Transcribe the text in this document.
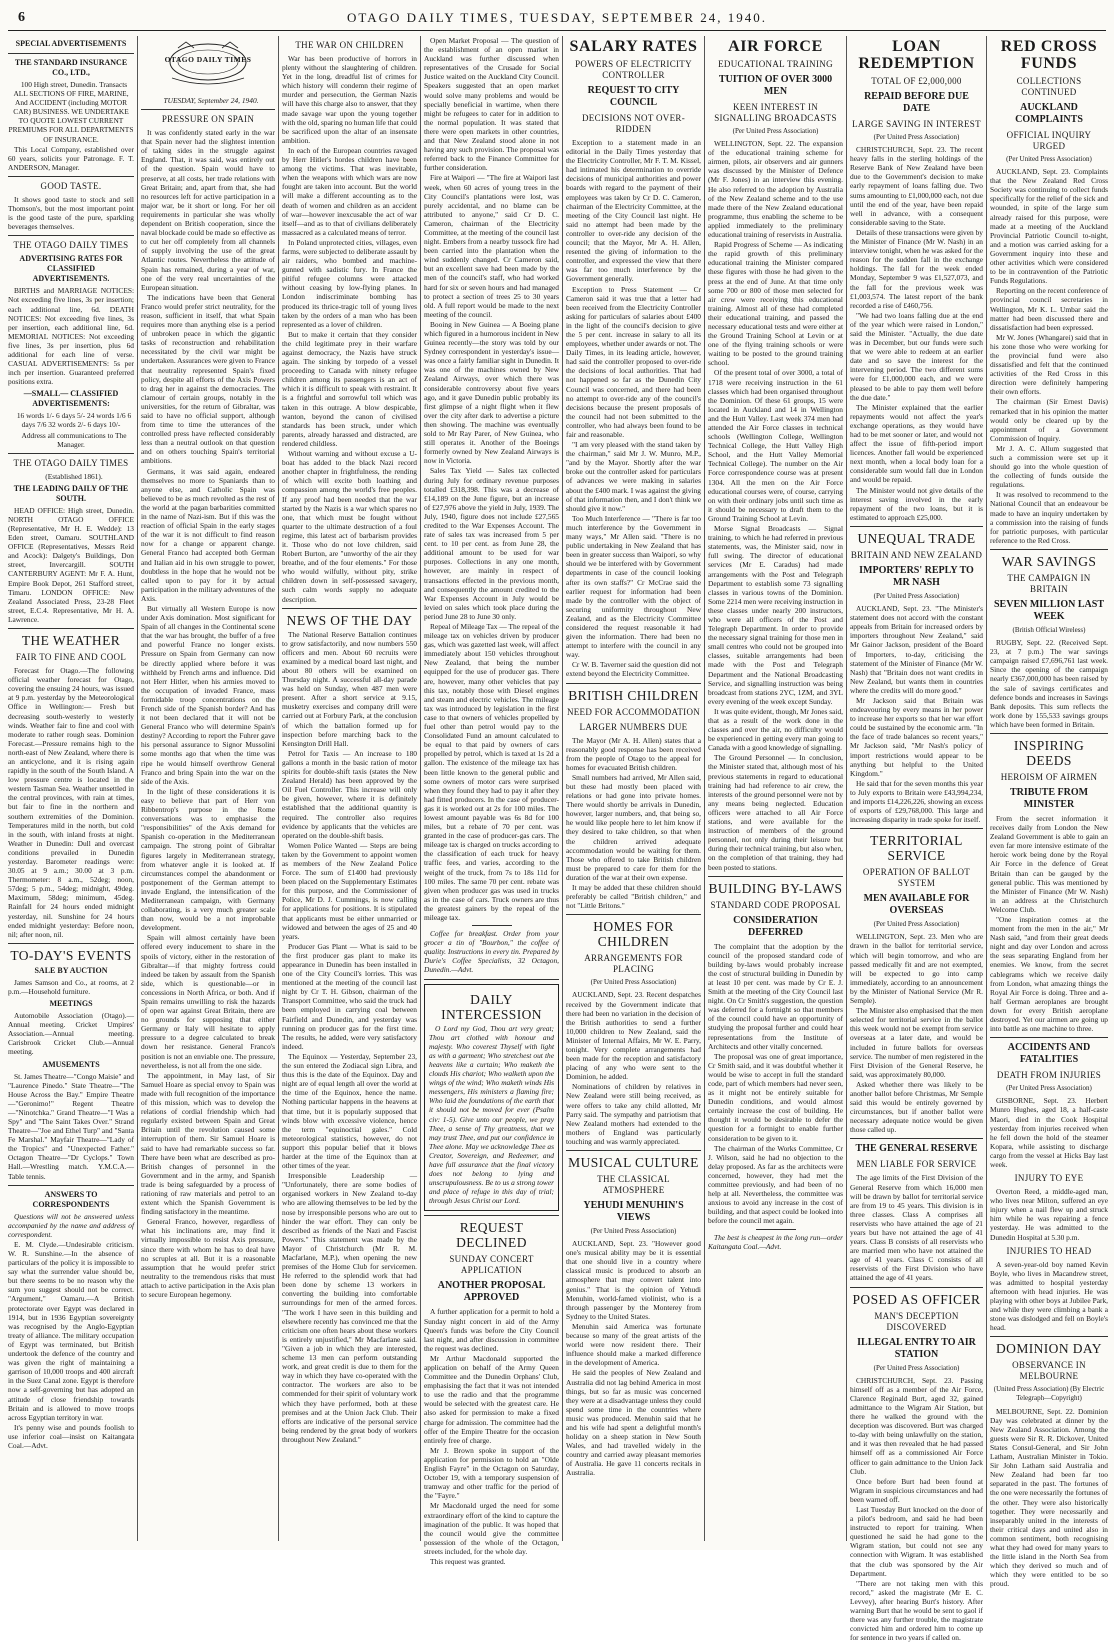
6	OTAGO DAILY TIMES, TUESDAY, SEPTEMBER 24, 1940.
SPECIAL ADVERTISEMENTS
THE STANDARD INSURANCE CO., LTD.,

100 High street, Dunedin. Transacts ALL SECTIONS OF FIRE, MARINE, And ACCIDENT (including MOTOR CAR) BUSINESS. WE UNDERTAKE TO QUOTE LOWEST CURRENT PREMIUMS FOR ALL DEPARTMENTS OF INSURANCE.

This Local Company, established over 60 years, solicits your Patronage. F. T. ANDERSON, Manager.

GOOD TASTE.

It shows good taste to stock and sell Thomson's, but the most important point is the good taste of the pure, sparkling beverages themselves.

THE OTAGO DAILY TIMES
ADVERTISING RATES FOR CLASSIFIED ADVERTISEMENTS.

BIRTHS and MARRIAGE NOTICES: Not exceeding five lines, 3s per insertion; each additional line, 6d. DEATH NOTICES: Not exceeding five lines, 3s per insertion, each additional line, 6d. MEMORIAL NOTICES: Not exceeding five lines, 3s per insertion, plus 6d additional for each line of verse. CASUAL ADVERTISEMENTS: 5s per inch per insertion. Guaranteed preferred positions extra.

—SMALL— CLASSIFIED ADVERTISEMENTS:

16 words 1/- 6 days 5/- 24 words 1/6 6 days 7/6 32 words 2/- 6 days 10/-

Address all communications to The Manager.

THE OTAGO DAILY TIMES

(Established 1861).

THE LEADING DAILY OF THE SOUTH.

HEAD OFFICE: High street, Dunedin. NORTH OTAGO OFFICE (Representative, Mr H. E. Wedde): 13 Eden street, Oamaru. SOUTHLAND OFFICE (Representatives, Messrs Reid and Acock): Dalgety's Buildings, Don street, Invercargill. SOUTH CANTERBURY AGENT: Mr F. A. Hunt, Empire Book Depot, 261 Stafford street, Timaru. LONDON OFFICE: New Zealand Associated Press, 23-28 Fleet street, E.C.4. Representative, Mr H. A. Lawrence.

THE WEATHER
FAIR TO FINE AND COOL

Forecast for Otago.—The following official weather forecast for Otago, covering the ensuing 24 hours, was issued at 9 p.m. yesterday by the Meteorological Office in Wellington:— Fresh but decreasing south-westerly to westerly winds. Weather fair to fine and cool with moderate to rather rough seas. Dominion Forecast.—Pressure remains high to the north-east of New Zealand, where there is an anticyclone, and it is rising again rapidly in the south of the South Island. A low pressure centre is located in the western Tasman Sea. Weather unsettled in the central provinces, with rain at times, but fair to fine in the northern and southern extremities of the Dominion. Temperatures mild in the north, but cold in the south, with inland frosts at night. Weather in Dunedin: Dull and overcast conditions prevailed in Dunedin yesterday. Barometer readings were: 30.05 at 9 a.m.; 30.00 at 3 p.m. Thermometer: 8 a.m., 52deg; noon, 57deg; 5 p.m., 54deg; midnight, 49deg. Maximum, 58deg; minimum, 45deg. Rainfall for 24 hours ended midnight yesterday, nil. Sunshine for 24 hours ended midnight yesterday: Before noon, nil; after noon, nil.

TO-DAY'S EVENTS
SALE BY AUCTION

James Samson and Co., at rooms, at 2 p.m.—Household furniture.

MEETINGS

Automobile Association (Otago).—Annual meeting. Cricket Umpires' Association.—Annual meeting. Carisbrook Cricket Club.—Annual meeting.

AMUSEMENTS

St. James Theatre—"Congo Maisie" and "Laurence Pinedo." State Theatre—"The House Across the Bay." Empire Theatre—"Geronimo!" Regent Theatre—"Ninotchka." Grand Theatre—"I Was a Spy" and "The Saint Takes Over." Strand Theatre—"Joe and Ethel Turp" and "Santa Fe Marshal." Mayfair Theatre—"Lady of the Tropics" and "Unexpected Father." Octagon Theatre—"Dr Cyclops." Town Hall.—Wrestling match. Y.M.C.A.—Table tennis.

ANSWERS TO CORRESPONDENTS

Questions will not be answered unless accompanied by the name and address of correspondent.

E. M. Clyde.—Undesirable criticism. W. R. Sunshine.—In the absence of particulars of the policy it is impossible to say what the surrender value should be, but there seems to be no reason why the sum you suggest should not be correct. "Argument," Oamaru.—A British protectorate over Egypt was declared in 1914, but in 1936 Egyptian sovereignty was recognised by the Anglo-Egyptian treaty of alliance. The military occupation of Egypt was terminated, but British undertook the defence of the country and was given the right of maintaining a garrison of 10,000 troops and 400 aircraft in the Suez Canal zone. Egypt is therefore now a self-governing but has adopted an attitude of close friendship towards Britain and is allowed to move troops across Egyptian territory in war.

It's penny wise and pounds foolish to use inferior coal—insist on Kaitangata Coal.—Advt.

OTAGO DAILY TIMES

TUESDAY, September 24, 1940.

PRESSURE ON SPAIN

It was confidently stated early in the war that Spain never had the slightest intention of taking sides in the struggle against England. That, it was said, was entirely out of the question. Spain would have to preserve, at all costs, her trade relations with Great Britain; and, apart from that, she had no resources left for active participation in a major war, be it short or long. For her oil requirements in particular she was wholly dependent on British cooperation, since the naval blockade could be made so effective as to cut her off completely from all channels of supply involving the use of the great Atlantic routes. Nevertheless the attitude of Spain has remained, during a year of war, one of the very real uncertainties of the European situation.

The indications have been that General Franco would prefer strict neutrality, for the reason, sufficient in itself, that what Spain requires more than anything else is a period of unbroken peace in which the gigantic tasks of reconstruction and rehabilitation necessitated by the civil war might be undertaken. Assurances were given to France that neutrality represented Spain's fixed policy, despite all efforts of the Axis Powers to drag her in against the democracies. The clamour of certain groups, notably in the universities, for the return of Gibraltar, was said to have no official support, although from time to time the utterances of the controlled press have reflected considerably less than a neutral outlook on that question and on others touching Spain's territorial ambitions.

Germans, it was said again, endeared themselves no more to Spaniards than to anyone else, and Catholic Spain was believed to be as much revolted as the rest of the world at the pagan barbarities committed in the name of Nazi-ism. But if this was the reaction of official Spain in the early stages of the war it is not difficult to find reason now for a change or apparent change. General Franco had accepted both German and Italian aid in his own struggle to power, doubtless in the hope that he would not be called upon to pay for it by actual participation in the military adventures of the Axis.

But virtually all Western Europe is now under Axis domination. Most significant for Spain of all changes in the Continental scene that the war has brought, the buffer of a free and powerful France no longer exists. Pressure on Spain from Germany can now be directly applied where before it was withheld by French arms and influence. Did not Herr Hitler, when his armies moved to the occupation of invaded France, mass formidable troop concentrations on the French side of the Spanish border? And has it not been declared that it will not be General Franco who will determine Spain's destiny? According to report the Fuhrer gave his personal assurance to Signor Mussolini some months ago that when the time was ripe he would himself overthrow General Franco and bring Spain into the war on the side of the Axis.

In the light of these considerations it is easy to believe that part of Herr von Ribbentrop's purpose in the Rome conversations was to emphasise the "responsibilities" of the Axis demand for Spanish co-operation in the Mediterranean campaign. The strong point of Gibraltar figures largely in Mediterranean strategy, from whatever angle it is looked at. If circumstances compel the abandonment or postponement of the German attempt to invade England, the intensification of the Mediterranean campaign, with Germany collaborating, is a very much greater scale than now, would be a not improbable development.

Spain will almost certainly have been offered every inducement to share in the spoils of victory, either in the restoration of Gibraltar—if that mighty fortress could indeed be taken by assault from the Spanish side, which is questionable—or in concessions in North Africa, or both. And if Spain remains unwilling to risk the hazards of open war against Great Britain, there are no grounds for supposing that either Germany or Italy will hesitate to apply pressure to a degree calculated to break down her resistance. General Franco's position is not an enviable one. The pressure, nevertheless, is not all from the one side.

The appointment, in May last, of Sir Samuel Hoare as special envoy to Spain was made with full recognition of the importance of this mission, which was to develop the relations of cordial friendship which had regularly existed between Spain and Great Britain until the revolution caused some interruption of them. Sir Samuel Hoare is said to have had remarkable success so far. There have been what are described as pro-British changes of personnel in the Government and in the army, and Spanish trade is being safeguarded by a process of rationing of raw materials and petrol to an extent which the Spanish Government is finding satisfactory in the meantime.

General Franco, however, regardless of what his inclinations are, may find it virtually impossible to resist Axis pressure, since there with whom he has to deal have no scruples at all. But it is a reasonable assumption that he would prefer strict neutrality to the tremendous risks that must attach to active participation in the Axis plan to secure European hegemony.

THE WAR ON CHILDREN

War has been productive of horrors in plenty without the slaughtering of children. Yet in the long, dreadful list of crimes for which history will condemn their regime of murder and persecution, the German Nazis will have this charge also to answer, that they made savage war upon the young together with the old, sparing no human life that could be sacrificed upon the altar of an insensate ambition.

In each of the European countries ravaged by Herr Hitler's hordes children have been among the victims. That was inevitable, when the weapons with which wars are now fought are taken into account. But the world will make a different accounting as to the death of women and children as an accident of war—however inexcusable the act of war itself—and as to that of civilians deliberately massacred as a calculated means of terror.

In Poland unprotected cities, villages, even farms, were subjected to deliberate assault by air raiders, who bombed and machine-gunned with sadistic fury. In France the pitiful refugee columns were attacked without ceasing by low-flying planes. In London indiscriminate bombing has produced its thrice-tragic toll of young lives taken by the orders of a man who has been represented as a lover of children.

But to make it certain that they consider the child legitimate prey in their warfare against democracy, the Nazis have struck again. The sinking by torpedo of a vessel proceeding to Canada with ninety refugee children among its passengers is an act of which it is difficult to speak with restraint. It is a frightful and sorrowful toll which was taken in this outrage. A blow despicable, wanton, beyond the canon of civilised standards has been struck, under which parents, already harassed and distracted, are rendered childless.

Without warning and without excuse a U-boat has added to the black Nazi record another chapter in frightfulness, the rending of which will excite both loathing and compassion among the world's free peoples. If any proof had been needed that the war started by the Nazis is a war which spares no one, that which must be fought without quarter to the ultimate destruction of a foul regime, this latest act of barbarism provides it. Those who do not love children, said Robert Burton, are "unworthy of the air they breathe, and of the four elements." For those who would wilfully, without pity, strike children down in self-possessed savagery, such calm words supply no adequate description.

NEWS OF THE DAY

The National Reserve Battalion continues to grow satisfactorily, and now numbers 550 officers and men. About 60 recruits were examined by a medical board last night, and about 80 others will be examined on Thursday night. A successful all-day parade was held on Sunday, when 487 men were present. After a short service at 9.15, musketry exercises and company drill were carried out at Forbury Park, at the conclusion of which the battalion formed up for inspection before marching back to the Kensington Drill Hall.

Petrol for Taxis — An increase to 180 gallons a month in the basic ration of motor spirits for double-shift taxis (states the New Zealand Herald) has been approved by the Oil Fuel Controller. This increase will only be given, however, where it is definitely established that the additional quantity is required. The controller also requires evidence by applicants that the vehicles are operated on the double-shift basis.

Women Police Wanted — Steps are being taken by the Government to appoint women as members of the New Zealand Police Force. The sum of £1400 had previously been placed on the Supplementary Estimates for this purpose, and the Commissioner of Police, Mr D. J. Cummings, is now calling for applications for positions. It is stipulated that applicants must be either unmarried or widowed and between the ages of 25 and 40 years.

Producer Gas Plant — What is said to be the first producer gas plant to make its appearance in Dunedin has been installed in one of the City Council's lorries. This was mentioned at the meeting of the council last night by Cr T. H. Gibson, chairman of the Transport Committee, who said the truck had been employed in carrying coal between Fairfield and Dunedin, and yesterday was running on producer gas for the first time. The results, he added, were very satisfactory indeed.

The Equinox — Yesterday, September 23, the sun entered the Zodiacal sign Libra, and thus this is the date of the Equinox. Day and night are of equal length all over the world at the time of the Equinox, hence the name. Nothing particular happens in the heavens at that time, but it is popularly supposed that winds blow with excessive violence, hence the term "equinoctial gales." Cold meteorological statistics, however, do not support this popular belief that it blows harder at the time of the Equinox than at other times of the year.

Irresponsible Leadership — "Unfortunately, there are some bodies of organised workers in New Zealand to-day who are allowing themselves to be led by the nose by irresponsible persons who are out to hinder the war effort. They can only be described as friends of the Nazi and Fascist Powers." This statement was made by the Mayor of Christchurch (Mr R. M. Macfarlane, M.P.), when opening the new premises of the Home Club for servicemen. He referred to the splendid work that had been done by scheme 13 workers in converting the building into comfortable surroundings for men of the armed forces. "The work I have seen in this building and elsewhere recently has convinced me that the criticism one often hears about these workers is entirely unjustified," Mr Macfarlane said. "Given a job in which they are interested, scheme 13 men can perform outstanding work, and great credit is due to them for the way in which they have co-operated with the contractor. The workers are also to be commended for their spirit of voluntary work which they have performed, both at these premises and at the Union Jack Club. Their efforts are indicative of the personal service being rendered by the great body of workers throughout New Zealand."

Open Market Proposal — The question of the establishment of an open market in Auckland was further discussed when representatives of the Crusade for Social Justice waited on the Auckland City Council. Speakers suggested that an open market would solve many problems and would be specially beneficial in wartime, when there might be refugees to cater for in addition to the normal population. It was stated that there were open markets in other countries, and that New Zealand stood alone in not having any such provision. The proposal was referred back to the Finance Committee for further consideration.

Fire at Waipori — "The fire at Waipori last week, when 60 acres of young trees in the City Council's plantations were lost, was purely accidental, and no blame can be attributed to anyone," said Cr D. C. Cameron, chairman of the Electricity Committee, at the meeting of the council last night. Embers from a nearby tussock fire had been carried into the plantation when the wind suddenly changed. Cr Cameron said, but an excellent save had been made by the men of the council's staff, who had worked hard for six or seven hours and had managed to protect a section of trees 25 to 30 years old. A full report would be made to the next meeting of the council.

Booing in New Guinea — A Boeing plane which figured in a humorous incident in New Guinea recently—the story was told by our Sydney correspondent in yesterday's issue—was once a fairly familiar sight in Dunedin. It was one of the machines owned by New Zealand Airways, over which there was considerable controversy about five years ago, and it gave Dunedin public probably its first glimpse of a night flight when it flew over the city after dark to advertise a picture then showing. The machine was eventually sold to Mr Ray Parer, of New Guinea, who still operates it. Another of the Boeings formerly owned by New Zealand Airways is now in Victoria.

Sales Tax Yield — Sales tax collected during July for ordinary revenue purposes totalled £318,398. This was a decrease of £14,189 on the June figure, but an increase of £27,976 above the yield in July, 1939. The July, 1940, figure does not include £27,565 credited to the War Expenses Account. The rate of sales tax was increased from 5 per cent. to 10 per cent. as from June 28, the additional amount to be used for war purposes. Collections in any one month, however, are mainly in respect of transactions effected in the previous month, and consequently the amount credited to the War Expenses Account in July would be levied on sales which took place during the period June 28 to June 30 only.

Repeal of Mileage Tax — The repeal of the mileage tax on vehicles driven by producer gas, which was gazetted last week, will affect immediately about 150 vehicles throughout New Zealand, that being the number equipped for the use of producer gas. There are, however, many other vehicles that pay this tax, notably those with Diesel engines and steam and electric vehicles. The mileage tax was introduced by legislation in the first case to that owners of vehicles propelled by fuel other than petrol would pay to the Consolidated Fund an amount calculated to be equal to that paid by owners of cars propelled by petrol, which is taxed at 1s 2d a gallon. The existence of the mileage tax has been little known to the general public and some owners of motor cars were surprised when they found they had to pay it after they had fitted producers. In the case of producer-gas it is worked out at 2s for 100 miles. The lowest amount payable was 6s 8d for 100 miles, but a rebate of 70 per cent. was granted in the case of producer-gas cars. The mileage tax is charged on trucks according to the classification of each truck for heavy traffic fees, and varies, according to the weight of the truck, from 7s to 18s 11d for 100 miles. The same 70 per cent. rebate was given when producer gas was used in trucks as in the case of cars. Truck owners are thus the greatest gainers by the repeal of the mileage tax.

Coffee for breakfast. Order from your grocer a tin of "Bourbon," the coffee of quality. Instructions in every tin. Prepared by Durie's Coffee Specialists, 32 Octagon, Dunedin.—Advt.

DAILY INTERCESSION

O Lord my God, Thou art very great; Thou art clothed with honour and majesty. Who coverest Thyself with light as with a garment; Who stretchest out the heavens like a curtain; Who maketh the clouds His chariot; Who walketh upon the wings of the wind; Who maketh winds His messengers, His ministers a flaming fire; Who laid the foundations of the earth that it should not be moved for ever (Psalm civ: 1-5). Give unto our people, we pray Thee, a sense of Thy greatness, that we may trust Thee, and put our confidence in Thee alone. May we acknowledge Thee as Creator, Sovereign, and Redeemer, and have full assurance that the final victory does not belong to lying and unscrupulousness. Be to us a strong tower and place of refuge in this day of trial; through Jesus Christ our Lord.

REQUEST DECLINED
SUNDAY CONCERT APPLICATION
ANOTHER PROPOSAL APPROVED

A further application for a permit to hold a Sunday night concert in aid of the Army Queen's funds was before the City Council last night, and after discussion in committee the request was declined.

Mr Arthur Macdonald supported the application on behalf of the Army Queen Committee and the Dunedin Orphans' Club, emphasising the fact that it was not intended to use the radio and that the programme would be selected with the greatest care. He also asked for permission to make a fixed charge for admission. The committee had the offer of the Empire Theatre for the occasion entirely free of charge.

Mr J. Brown spoke in support of the application for permission to hold an "Olde English Fayre" in the Octagon on Saturday, October 19, with a temporary suspension of tramway and other traffic for the period of the "Fayre."

Mr Macdonald urged the need for some extraordinary effort of the kind to capture the imagination of the public. It was hoped that the council would give the committee possession of the whole of the Octagon, streets included, for the whole day.

This request was granted.

SALARY RATES
POWERS OF ELECTRICITY CONTROLLER
REQUEST TO CITY COUNCIL
DECISIONS NOT OVER-RIDDEN

Exception to a statement made in an editorial in the Daily Times yesterday that the Electricity Controller, Mr F. T. M. Kissel, had intimated his determination to override decisions of municipal authorities and power boards with regard to the payment of their employees was taken by Cr D. C. Cameron, chairman of the Electricity Committee, at the meeting of the City Council last night. He said no attempt had been made by the controller to over-ride any decision of the council; that the Mayor, Mr A. H. Allen, resented the giving of information to the controller, and expressed the view that there was far too much interference by the Government generally.

Exception to Press Statement — Cr Cameron said it was true that a letter had been received from the Electricity Controller asking for particulars of salaries about £400 in the light of the council's decision to give the 5 per cent. increase in salary to all its employees, whether under awards or not. The Daily Times, in its leading article, however, had said the controller proposed to over-ride the decisions of local authorities. That had not happened so far as the Dunedin City Council was concerned, and there had been no attempt to over-ride any of the council's decisions because the present proposals of the council had not been submitted to the controller, who had always been found to be fair and reasonable.

"I am very pleased with the stand taken by the chairman," said Mr J. W. Munro, M.P., "and by the Mayor. Shortly after the war broke out the controller asked for particulars of advances we were making in salaries about the £400 mark. I was against the giving of that information then, and I don't think we should give it now."

Too Much Interference — "There is far too much interference by the Government in many ways," Mr Allen said. "There is no public undertaking in New Zealand that has been in greater success than Waipori, so why should we be interfered with by Government departments in case of the council looking after its own staffs?" Cr McCrae said the earlier request for information had been made by the controller with the object of securing uniformity throughout New Zealand, and as the Electricity Committee considered the request reasonable it had given the information. There had been no attempt to interfere with the council in any way.

Cr W. B. Taverner said the question did not extend beyond the Electricity Committee.

BRITISH CHILDREN
NEED FOR ACCOMMODATION
LARGER NUMBERS DUE

The Mayor (Mr A. H. Allen) states that a reasonably good response has been received from the people of Otago to the appeal for homes for evacuated British children.

Small numbers had arrived, Mr Allen said, but these had mostly been placed with relations or had gone into private homes. There would shortly be arrivals in Dunedin, however, larger numbers, and, that being so, he would like people here to let him know if they desired to take children, so that when the children arrived adequate accommodation would be waiting for them. Those who offered to take British children must be prepared to care for them for the duration of the war at their own expense.

It may be added that these children should preferably be called "British children," and not "Little Britons."

HOMES FOR CHILDREN
ARRANGEMENTS FOR PLACING
(Per United Press Association)

AUCKLAND, Sept. 23. Recent despatches received by the Government indicate that there had been no variation in the decision of the British authorities to send a further 10,000 children to New Zealand, said the Minister of Internal Affairs, Mr W. E. Parry, tonight. Very complete arrangements had been made for the reception and satisfactory placing of any who were sent to the Dominion, he added.

Nominations of children by relatives in New Zealand were still being received, as were offers to take any child allotted, Mr Parry said. The sympathy and patriotism that New Zealand mothers had extended to the mothers of England was particularly touching and was warmly appreciated.

MUSICAL CULTURE
THE CLASSICAL ATMOSPHERE
YEHUDI MENUHIN'S VIEWS
(Per United Press Association)

AUCKLAND, Sept. 23. "However good one's musical ability may be it is essential that one should live in a country where classical music is produced to absorb an atmosphere that may convert talent into genius." That is the opinion of Yehudi Menuhin, world-famed violinist, who is a through passenger by the Monterey from Sydney to the United States.

Menuhin said America was fortunate because so many of the great artists of the world were now resident there. Their influence should make a marked difference in the development of America.

He said the peoples of New Zealand and Australia did not lag behind America in most things, but so far as music was concerned they were at a disadvantage unless they could spend some time in the countries where music was produced. Menuhin said that he and his wife had spent a delightful month's holiday on a sheep station in New South Wales, and had travelled widely in the country and carried away pleasant memories of Australia. He gave 11 concerts recitals in Australia.

AIR FORCE
EDUCATIONAL TRAINING
TUITION OF OVER 3000 MEN
KEEN INTEREST IN SIGNALLING BROADCASTS
(Per United Press Association)

WELLINGTON, Sept. 22. The expansion of the educational training scheme for airmen, pilots, air observers and air gunners was discussed by the Minister of Defence (Mr F. Jones) in an interview this evening. He also referred to the adoption by Australia of the New Zealand scheme and to the use made there of the New Zealand educational programme, thus enabling the scheme to be applied immediately to the preliminary educational training of reservists in Australia.

Rapid Progress of Scheme — As indicating the rapid growth of this preliminary educational training the Minister compared these figures with those he had given to the press at the end of June. At that time only some 700 or 800 of those men selected for air crew were receiving this educational training. Almost all of these had completed their educational training, and passed the necessary educational tests and were either at the Ground Training School at Levin or at one of the flying training schools or were waiting to be posted to the ground training school.

Of the present total of over 3000, a total of 1718 were receiving instruction in the 61 classes which had been organised throughout the Dominion. Of these 61 groups, 15 were located in Auckland and 14 in Wellington and the Hutt Valley. Last week 374 men had attended the Air Force classes in technical schools (Wellington College, Wellington Technical College, the Hutt Valley High School, and the Hutt Valley Memorial Technical College). The number on the Air Force correspondence course was at present 1304. All the men on the Air Force educational courses were, of course, carrying on with their ordinary jobs until such time as it should be necessary to draft them to the Ground Training School at Levin.

Morse Signal Broadcasts — Signal training, to which he had referred in previous statements, was, the Minister said, now in full swing. The director of educational services (Mr E. Caradus) had made arrangements with the Post and Telegraph Department to establish some 73 signalling classes in various towns of the Dominion. Some 2214 men were receiving instruction in these classes under nearly 200 instructors, who were all officers of the Post and Telegraph Department. In order to provide the necessary signal training for those men in small centres who could not be grouped into classes, suitable arrangements had been made with the Post and Telegraph Department and the National Broadcasting Service, and signalling instruction was being broadcast from stations 2YC, 1ZM, and 3YL every evening of the week except Sunday.

It was quite evident, though, Mr Jones said, that as a result of the work done in the classes and over the air, no difficulty would be experienced in getting every man going to Canada with a good knowledge of signalling.

The Ground Personnel — In conclusion, the Minister stated that, although most of his previous statements in regard to educational training had had reference to air crew, the interests of the ground personnel were not by any means being neglected. Education officers were attached to all Air Force stations, and were available for the instruction of members of the ground personnel, not only during their leisure but during their technical training, but also when, on the completion of that training, they had been posted to stations.

BUILDING BY-LAWS
STANDARD CODE PROPOSAL
CONSIDERATION DEFERRED

The complaint that the adoption by the council of the proposed standard code of building by-laws would probably increase the cost of structural building in Dunedin by at least 10 per cent. was made by Cr E. J. Smith at the meeting of the City Council last night. On Cr Smith's suggestion, the question was deferred for a fortnight so that members of the council could have an opportunity of studying the proposal further and could hear representations from the Institute of Architects and other vitally concerned.

The proposal was one of great importance, Cr Smith said, and it was doubtful whether it would be wise to accept in full the standard code, part of which members had never seen, as it might not be entirely suitable for Dunedin conditions, and would almost certainly increase the cost of building. He thought it would be desirable to defer the question for a fortnight to enable further consideration to be given to it.

The chairman of the Works Committee, Cr J. Wilson, said he had no objection to the delay proposed. As far as the architects were concerned, however, they had met the committee previously, and had been of no help at all. Nevertheless, the committee was anxious to avoid any increase in the cost of building, and that aspect could be looked into before the council met again.

The best is cheapest in the long run—order Kaitangata Coal.—Advt.

LOAN REDEMPTION
TOTAL OF £2,000,000
REPAID BEFORE DUE DATE
LARGE SAVING IN INTEREST
(Per United Press Association)

CHRISTCHURCH, Sept. 23. The recent heavy falls in the sterling holdings of the Reserve Bank of New Zealand have been due to the Government's decision to make early repayment of loans falling due. Two sums amounting to £1,000,000 each, not due until the end of the year, have been repaid well in advance, with a consequent considerable saving to the State.

Details of these transactions were given by the Minister of Finance (Mr W. Nash) in an interview tonight, when he was asked for the reason for the sudden fall in the exchange holdings. The fall for the week ended Monday, September 9 was £1,527,073, and the fall for the previous week was £1,003,574. The latest report of the bank recorded a rise of £460,756.

"We had two loans falling due at the end of the year which were raised in London," said the Minister. "Actually, the due date was in December, but our funds were such that we were able to redeem at an earlier date and so save the interest for the intervening period. The two different sums were for £1,000,000 each, and we were pleased to be able to pay them well before the due date."

The Minister explained that the earlier repayments would not affect the year's exchange operations, as they would have had to be met sooner or later, and would not affect the issue of fifth-period import licences. Another fall would be experienced next month, when a local body loan for a considerable sum would fall due in London and would be repaid.

The Minister would not give details of the interest saving involved in the early repayment of the two loans, but it is estimated to approach £25,000.

UNEQUAL TRADE
BRITAIN AND NEW ZEALAND
IMPORTERS' REPLY TO MR NASH
(Per United Press Association)

AUCKLAND, Sept. 23. "The Minister's statement does not accord with the constant appeals from Britain for increased orders by importers throughout New Zealand," said Mr Gainor Jackson, president of the Board of Importers, to-day, criticising the statement of the Minister of Finance (Mr W. Nash) that "Britain does not want credits in New Zealand, but wants them in countries where the credits will do more good."

Mr Jackson said that Britain was endeavouring by every means in her power to increase her exports so that her war effort could be sustained by the economic arm. "In the face of trade balances so recent years," Mr Jackson said, "Mr Nash's policy of import restrictions would appear to be anything but helpful to the United Kingdom."

He said that for the seven months this year to July exports to Britain were £43,994,234, and imports £14,226,226, showing an excess of exports of £29,768,000. This large and increasing disparity in trade spoke for itself.

TERRITORIAL SERVICE
OPERATION OF BALLOT SYSTEM
MEN AVAILABLE FOR OVERSEAS
(Per United Press Association)

WELLINGTON, Sept. 23. Men who are drawn in the ballot for territorial service, which will begin tomorrow, and who are passed medically fit and are not exempted, will be expected to go into camp immediately, according to an announcement by the Minister of National Service (Mr R. Semple).

The Minister also emphasised that the men selected for territorial service in the ballot this week would not be exempt from service overseas at a later date, and would be included in future ballots for overseas service. The number of men registered in the First Division of the General Reserve, he said, was approximately 80,000.

Asked whether there was likely to be another ballot before Christmas, Mr Semple said this would be entirely governed by circumstances, but if another ballot were necessary adequate notice would be given those called up.

THE GENERAL RESERVE
MEN LIABLE FOR SERVICE

The age limits of the First Division of the General Reserve from which 16,000 men will be drawn by ballot for territorial service are from 19 to 45 years. This division is in three classes. Class A comprises all reservists who have attained the age of 21 years but have not attained the age of 41 years. Class B consists of all reservists who are married men who have not attained the age of 41 years. Class C consists of all reservists of the First Division who have attained the age of 41 years.

POSED AS OFFICER
MAN'S DECEPTION DISCOVERED
ILLEGAL ENTRY TO AIR STATION
(Per United Press Association)

CHRISTCHURCH, Sept. 23. Passing himself off as a member of the Air Force, Clarence Reginald Burt, aged 32, gained admittance to the Wigram Air Station, but there he walked the ground with the deception was discovered. Burt was charged to-day with being unlawfully on the station, and it was then revealed that he had passed himself off as a commissioned Air Force officer to gain admittance to the Union Jack Club.

Once before Burt had been found at Wigram in suspicious circumstances and had been warned off.

Last Tuesday Burt knocked on the door of a pilot's bedroom, and said he had been instructed to report for training. When questioned he said he had gone to the Wigram station, but could not see any connection with Wigram. It was established that the club was sponsored by the Air Department.

"There are not taking men with this record," asked the magistrate (Mr E. C. Levvey), after hearing Burt's history. After warning Burt that he would be sent to gaol if there was any further trouble, the magistrate convicted him and ordered him to come up for sentence in two years if called on.

RED CROSS FUNDS
COLLECTIONS CONTINUED
AUCKLAND COMPLAINTS
OFFICIAL INQUIRY URGED
(Per United Press Association)

AUCKLAND, Sept. 23. Complaints that the New Zealand Red Cross Society was continuing to collect funds specifically for the relief of the sick and wounded, in spite of the large sum already raised for this purpose, were made at a meeting of the Auckland Provincial Patriotic Council to-night, and a motion was carried asking for a Government inquiry into these and other activities which were considered to be in contravention of the Patriotic Funds Regulations.

Reporting on the recent conference of provincial council secretaries in Wellington, Mr K. L. Umbar said the matter had been discussed there and dissatisfaction had been expressed.

Mr W. Jones (Whangarei) said that in his zone those who were working for the provincial fund were also dissatisfied and felt that the continued activities of the Red Cross in this direction were definitely hampering their own efforts.

The chairman (Sir Ernest Davis) remarked that in his opinion the matter would only be cleared up by the appointment of a Government Commission of Inquiry.

Mr J. A. C. Allum suggested that such a commission were set up it should go into the whole question of the collecting of funds outside the regulations.

It was resolved to recommend to the National Council that an endeavour be made to have an inquiry undertaken by a commission into the raising of funds for patriotic purposes, with particular reference to the Red Cross.

WAR SAVINGS
THE CAMPAIGN IN BRITAIN
SEVEN MILLION LAST WEEK
(British Official Wireless)

RUGBY, Sept. 22. (Received Sept. 23, at 7 p.m.) The war savings campaign raised £7,696,761 last week. Since the opening of the campaign nearly £367,000,000 has been raised by the sale of savings certificates and defence bonds and increases in Savings Bank deposits. This sum reflects the work done by 155,533 savings groups which have been formed in Britain.

INSPIRING DEEDS
HEROISM OF AIRMEN
TRIBUTE FROM MINISTER

From the secret information it receives daily from London the New Zealand Government is able to gain an even far more intensive estimate of the heroic work being done by the Royal Air Force in the defence of Great Britain than can be gauged by the general public. This was mentioned by the Minister of Finance (Mr W. Nash) in an address at the Christchurch Welcome Club.

"One inspiration comes at the moment from the men in the air," Mr Nash said, "and from their great deeds night and day over London and across the seas separating England from her enemies. We know, from the secret cablegrams which we receive daily from London, what amazing things the Royal Air Force is doing. Three and a-half German aeroplanes are brought down for every British aeroplane destroyed. Yet our airmen are going up into battle as one machine to three.

ACCIDENTS AND FATALITIES
DEATH FROM INJURIES
(Per United Press Association)

GISBORNE, Sept. 23. Herbert Munro Hughes, aged 18, a half-caste Maori, died in the Cook Hospital yesterday from injuries received when he fell down the hold of the steamer Kopara, while assisting to discharge cargo from the vessel at Hicks Bay last week.

INJURY TO EYE

Overton Reed, a middle-aged man, who lives near Milton, suffered an eye injury when a nail flew up and struck him while he was repairing a fence yesterday. He was admitted to the Dunedin Hospital at 5.30 p.m.

INJURIES TO HEAD

A seven-year-old boy named Kevin Boyle, who lives in Macandrew street, was admitted to hospital yesterday afternoon with head injuries. He was playing with other boys at Jubilee Park, and while they were climbing a bank a stone was dislodged and fell on Boyle's head.

DOMINION DAY
OBSERVANCE IN MELBOURNE
(United Press Association) (By Electric Telegraph—Copyright)

MELBOURNE, Sept. 22. Dominion Day was celebrated at dinner by the New Zealand Association. Among the guests were Sir R. R. Dickover, United States Consul-General, and Sir John Latham, Australian Minister in Tokio. Sir John Latham said Australia and New Zealand had been far too separated in the past. The fortunes of the one were necessarily the fortunes of the other. They were also historically together. They were necessarily and inseparably united in the interests of their critical days and united also in common sentiment, both recognising what they had owed for many years to the little island in the North Sea from which they derived so much and of which they were entitled to be so proud.
